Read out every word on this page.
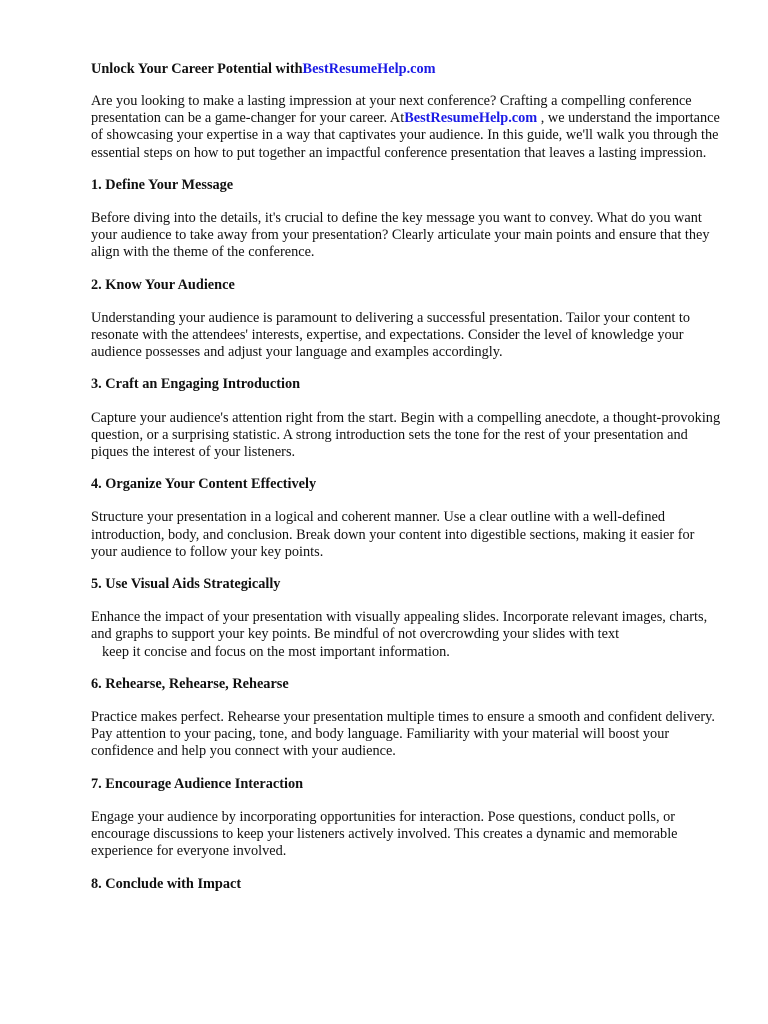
Unlock Your Career Potential withBestResumeHelp.com

Are you looking to make a lasting impression at your next conference? Crafting a compelling conference presentation can be a game-changer for your career. AtBestResumeHelp.com , we understand the importance of showcasing your expertise in a way that captivates your audience. In this guide, we'll walk you through the essential steps on how to put together an impactful conference presentation that leaves a lasting impression.

1. Define Your Message

Before diving into the details, it's crucial to define the key message you want to convey. What do you want your audience to take away from your presentation? Clearly articulate your main points and ensure that they align with the theme of the conference.

2. Know Your Audience

Understanding your audience is paramount to delivering a successful presentation. Tailor your content to resonate with the attendees' interests, expertise, and expectations. Consider the level of knowledge your audience possesses and adjust your language and examples accordingly.

3. Craft an Engaging Introduction

Capture your audience's attention right from the start. Begin with a compelling anecdote, a thought-provoking question, or a surprising statistic. A strong introduction sets the tone for the rest of your presentation and piques the interest of your listeners.

4. Organize Your Content Effectively

Structure your presentation in a logical and coherent manner. Use a clear outline with a well-defined introduction, body, and conclusion. Break down your content into digestible sections, making it easier for your audience to follow your key points.

5. Use Visual Aids Strategically

Enhance the impact of your presentation with visually appealing slides. Incorporate relevant images, charts, and graphs to support your key points. Be mindful of not overcrowding your slides with text
keep it concise and focus on the most important information.

6. Rehearse, Rehearse, Rehearse

Practice makes perfect. Rehearse your presentation multiple times to ensure a smooth and confident delivery. Pay attention to your pacing, tone, and body language. Familiarity with your material will boost your confidence and help you connect with your audience.

7. Encourage Audience Interaction

Engage your audience by incorporating opportunities for interaction. Pose questions, conduct polls, or encourage discussions to keep your listeners actively involved. This creates a dynamic and memorable experience for everyone involved.

8. Conclude with Impact
